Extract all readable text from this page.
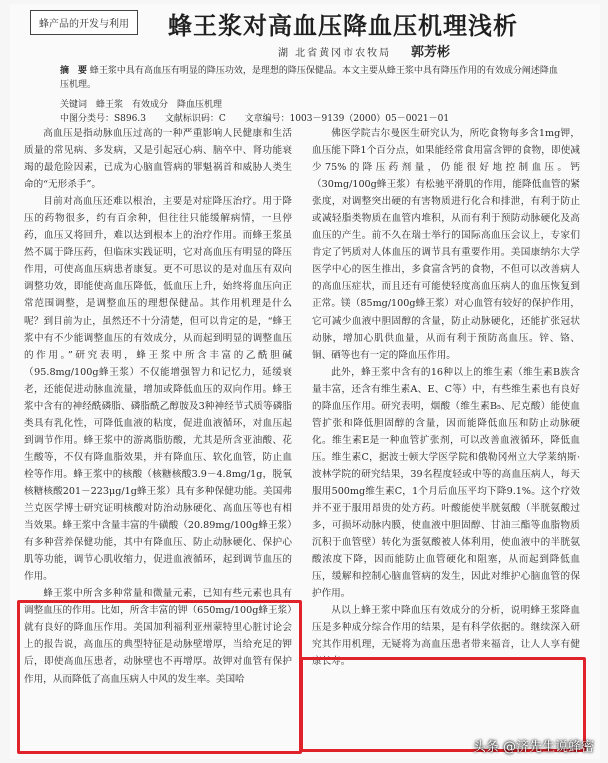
蜂产品的开发与利用	蜂王浆对高血压降血压机理浅析
湖 北省黄冈市农牧局 郭芳彬
摘　要 蜂王浆中具有高血压有明显的降压功效，是理想的降压保健品。本文主要从蜂王浆中具有降压作用的有效成分阐述降血压机理。
关键词　蜂王浆　有效成分　降血压机理
中图分类号：S896.3 文献标识码：C 文章编号：1003－9139（2000）05－0021－01

高血压是指动脉血压过高的一种严重影响人民健康和生活质量的常见病、多发病，又是引起冠心病、脑卒中、肾功能衰竭的最危险因素，已成为心脑血管病的罪魁祸首和威胁人类生命的“无形杀手”。

目前对高血压还难以根治，主要是对症降压治疗。用于降压的药物很多，约有百余种，但往往只能缓解病情，一旦停药，血压又将回升，难以达到根本上的治疗作用。而蜂王浆虽然不属于降压药，但临床实践证明，它对高血压有明显的降压作用，可使高血压病患者康复。更不可思议的是对血压有双向调整功效，即能使高血压降低，低血压上升，始终将血压向正常范围调整，是调整血压的理想保健品。其作用机理是什么呢？到目前为止，虽然还不十分清楚，但可以肯定的是，“蜂王浆中有不少能调整血压的有效成分，从而起到明显的调整血压的作用。”研究表明，蜂王浆中所含丰富的乙酰胆碱（95.8mg/100g蜂王浆）不仅能增强智力和记忆力，延缓衰老，还能促进动脉血流量，增加或降低血压的双向作用。蜂王浆中含有的神经酰磷脂、磷脂酰乙醇胺及3种神经节式质等磷脂类具有乳化性，可降低血液的粘度，促进血液循环，对血压起到调节作用。蜂王浆中的游离脂肪酸，尤其是所含亚油酸、花生酸等，不仅有降血脂效果，并有降血压、软化血管，防止血栓等作用。蜂王浆中的核酸（核糖核酸3.9－4.8mg/1g，脱氧核糖核酸201－223μg/1g蜂王浆）具有多种保健功能。美国弗兰克医学博士研究证明核酸对防治动脉硬化、高血压等也有相当效果。蜂王浆中含量丰富的牛磺酸（20.89mg/100g蜂王浆）有多种营养保健功能，其中有降血压、防止动脉硬化、保护心肌等功能，调节心肌收缩力，促进血液循环，起到调节血压的作用。

蜂王浆中所含多种常量和微量元素，已知有些元素也具有调整血压的作用。比如，所含丰富的钾（650mg/100g蜂王浆）就有良好的降血压作用。美国加利福利亚州蒙特里心脏讨论会上的报告说，高血压的典型特征是动脉壁增厚，当给充足的钾后，即使高血压患者，动脉壁也不再增厚。故钾对血管有保护作用，从而降低了高血压病人中风的发生率。美国哈

佛医学院吉尔曼医生研究认为，所吃食物每多含1mg钾，血压能下降1个百分点，如果能经常食用富含钾的食物，即使减少75%的降压药剂量，仍能很好地控制血压。钙（30mg/100g蜂王浆）有松驰平滑肌的作用，能降低血管的紧张度，对调整突出硬的有害物质进行化合和排泄，有利于防止或减轻脂类物质在血管内堆积，从而有利于预防动脉硬化及高血压的产生。前不久在瑞士举行的国际高血压会议上，专家们肯定了钙质对人体血压的调节具有重要作用。美国康纳尔大学医学中心的医生推出，多食富含钙的食物，不但可以改善病人的高血压症状，而且还有可能使轻度高血压病人的血压恢复到正常。镁（85mg/100g蜂王浆）对心血管有较好的保护作用，它可减少血液中胆固醇的含量，防止动脉硬化，还能扩张冠状动脉，增加心肌供血量，从而有利于预防高血压。锌、铬、铜、硒等也有一定的降血压作用。

此外，蜂王浆中含有的16种以上的维生素（维生素B族含量丰富，还含有维生素A、E、C等）中，有些维生素也有良好的降血压作用。研究表明，烟酸（维生素B₅、尼克酸）能使血管扩张和降低胆固醇的含量，因而能降低血压和防止动脉硬化。维生素E是一种血管扩张剂，可以改善血液循环，降低血压。维生素C，据波士顿大学医学院和俄勒冈州立大学莱纳斯·波林学院的研究结果，39名程度轻或中等的高血压病人，每天服用500mg维生素C，1个月后血压平均下降9.1%。这个疗效并不亚于服用昂贵的处方药。叶酸能使半胱氨酸（半胱氨酸过多，可损坏动脉内膜，使血液中胆固醇、甘油三酯等血脂物质沉积于血管壁）转化为蛋氨酸被人体利用，使血液中的半胱氨酸浓度下降，因而能防止血管硬化和阻塞，从而起到降低血压，缓解和控制心脑血管病的发生，因此对维护心脑血管的保护作用。

从以上蜂王浆中降血压有效成分的分析，说明蜂王浆降血压是多种成分综合作用的结果，是有科学依据的。继续深入研究其作用机理，无疑将为高血压患者带来福音，让人人享有健康长寿。

头条 @济先生说蜂密
